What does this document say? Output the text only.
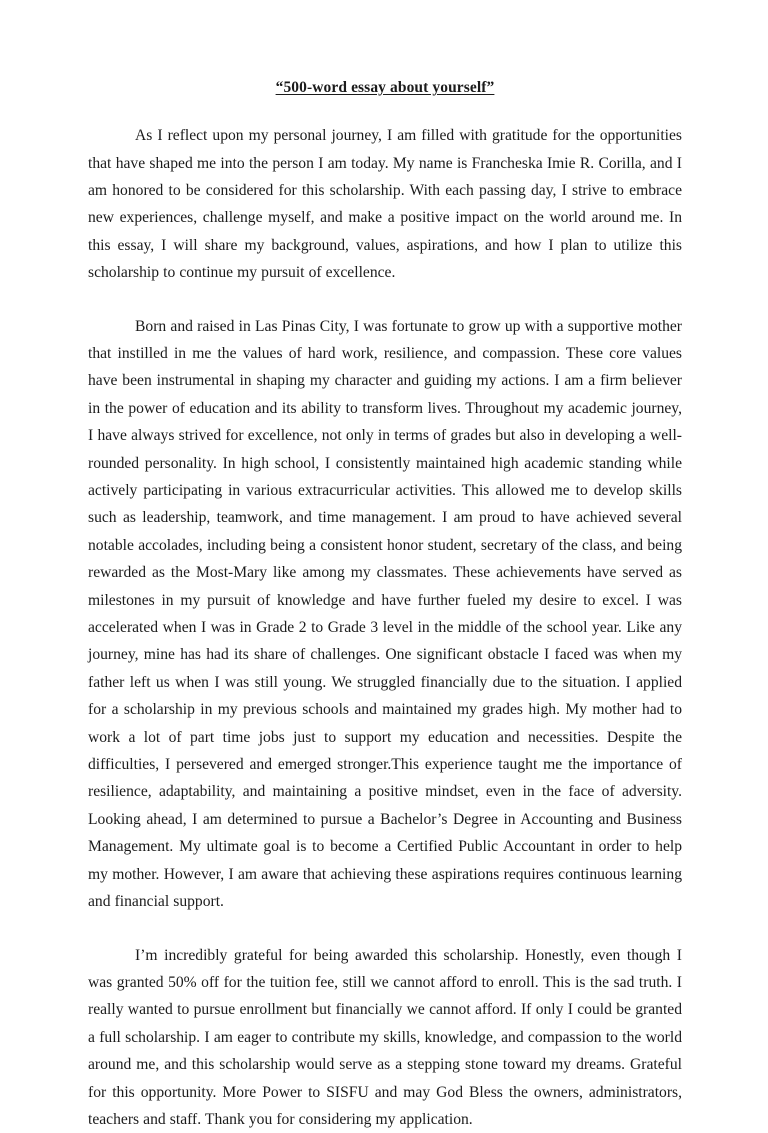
“500-word essay about yourself”

As I reflect upon my personal journey, I am filled with gratitude for the opportunities that have shaped me into the person I am today. My name is Francheska Imie R. Corilla, and I am honored to be considered for this scholarship. With each passing day, I strive to embrace new experiences, challenge myself, and make a positive impact on the world around me. In this essay, I will share my background, values, aspirations, and how I plan to utilize this scholarship to continue my pursuit of excellence.

Born and raised in Las Pinas City, I was fortunate to grow up with a supportive mother that instilled in me the values of hard work, resilience, and compassion. These core values have been instrumental in shaping my character and guiding my actions. I am a firm believer in the power of education and its ability to transform lives. Throughout my academic journey, I have always strived for excellence, not only in terms of grades but also in developing a well-rounded personality. In high school, I consistently maintained high academic standing while actively participating in various extracurricular activities. This allowed me to develop skills such as leadership, teamwork, and time management. I am proud to have achieved several notable accolades, including being a consistent honor student, secretary of the class, and being rewarded as the Most-Mary like among my classmates. These achievements have served as milestones in my pursuit of knowledge and have further fueled my desire to excel. I was accelerated when I was in Grade 2 to Grade 3 level in the middle of the school year. Like any journey, mine has had its share of challenges. One significant obstacle I faced was when my father left us when I was still young. We struggled financially due to the situation. I applied for a scholarship in my previous schools and maintained my grades high. My mother had to work a lot of part time jobs just to support my education and necessities. Despite the difficulties, I persevered and emerged stronger.This experience taught me the importance of resilience, adaptability, and maintaining a positive mindset, even in the face of adversity. Looking ahead, I am determined to pursue a Bachelor’s Degree in Accounting and Business Management. My ultimate goal is to become a Certified Public Accountant in order to help my mother. However, I am aware that achieving these aspirations requires continuous learning and financial support.

I’m incredibly grateful for being awarded this scholarship. Honestly, even though I was granted 50% off for the tuition fee, still we cannot afford to enroll. This is the sad truth. I really wanted to pursue enrollment but financially we cannot afford. If only I could be granted a full scholarship. I am eager to contribute my skills, knowledge, and compassion to the world around me, and this scholarship would serve as a stepping stone toward my dreams. Grateful for this opportunity. More Power to SISFU and may God Bless the owners, administrators, teachers and staff. Thank you for considering my application.
